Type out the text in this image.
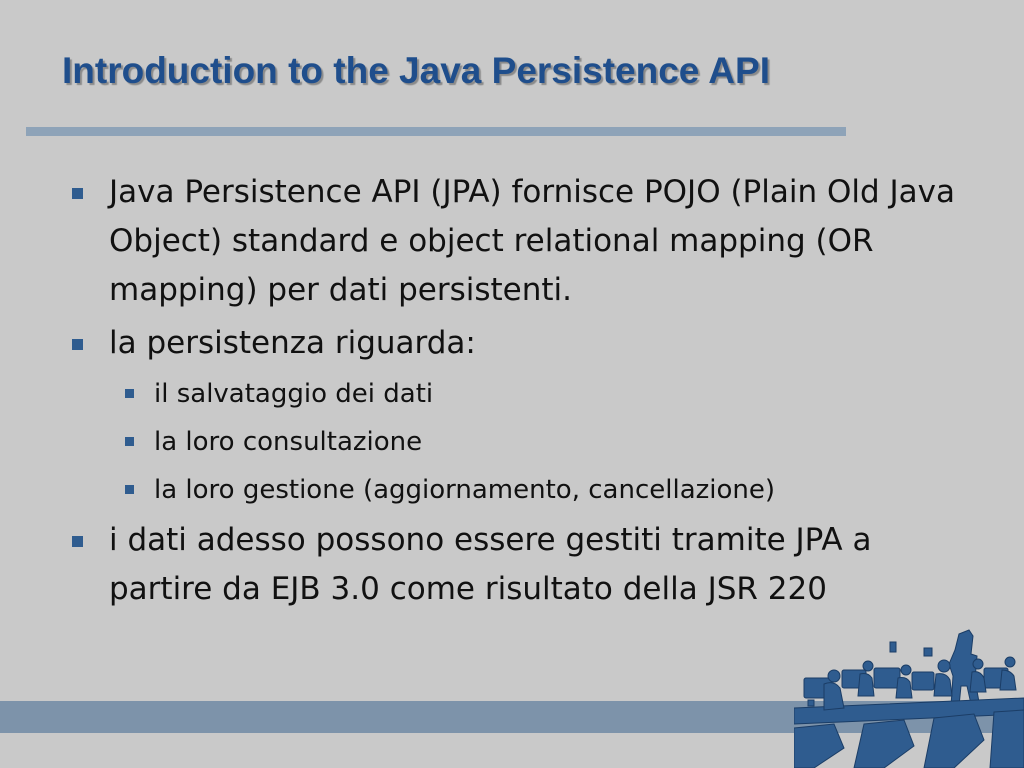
Introduction to the Java Persistence API
Java Persistence API (JPA) fornisce POJO (Plain Old Java Object) standard e object relational mapping (OR mapping) per dati persistenti.
la persistenza riguarda:
il salvataggio dei dati
la loro consultazione
la loro gestione (aggiornamento, cancellazione)
i dati adesso possono essere gestiti tramite JPA a partire da EJB 3.0 come risultato della JSR 220
